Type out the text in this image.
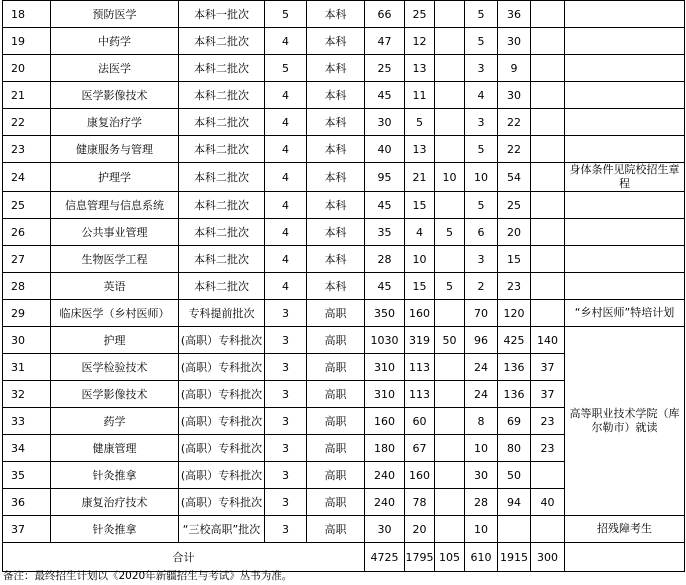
18	预防医学	本科一批次	5	本科	66	25		5	36		
19	中药学	本科二批次	4	本科	47	12		5	30		
20	法医学	本科二批次	5	本科	25	13		3	9		
21	医学影像技术	本科二批次	4	本科	45	11		4	30		
22	康复治疗学	本科二批次	4	本科	30	5		3	22		
23	健康服务与管理	本科二批次	4	本科	40	13		5	22		
24	护理学	本科二批次	4	本科	95	21	10	10	54		身体条件见院校招生章程
25	信息管理与信息系统	本科二批次	4	本科	45	15		5	25		
26	公共事业管理	本科二批次	4	本科	35	4	5	6	20		
27	生物医学工程	本科二批次	4	本科	28	10		3	15		
28	英语	本科二批次	4	本科	45	15	5	2	23		
29	临床医学（乡村医师）	专科提前批次	3	高职	350	160		70	120		“乡村医师”特培计划
30	护理	(高职）专科批次	3	高职	1030	319	50	96	425	140	高等职业技术学院（库尔勒市）就读
31	医学检验技术	(高职）专科批次	3	高职	310	113		24	136	37	
32	医学影像技术	(高职）专科批次	3	高职	310	113		24	136	37	
33	药学	(高职）专科批次	3	高职	160	60		8	69	23	
34	健康管理	(高职）专科批次	3	高职	180	67		10	80	23	
35	针灸推拿	(高职）专科批次	3	高职	240	160		30	50		
36	康复治疗技术	(高职）专科批次	3	高职	240	78		28	94	40	
37	针灸推拿	“三校高职”批次	3	高职	30	20		10			招残障考生
合计					4725	1795	105	610	1915	300	
备注：最终招生计划以《2020年新疆招生与考试》丛书为准。
